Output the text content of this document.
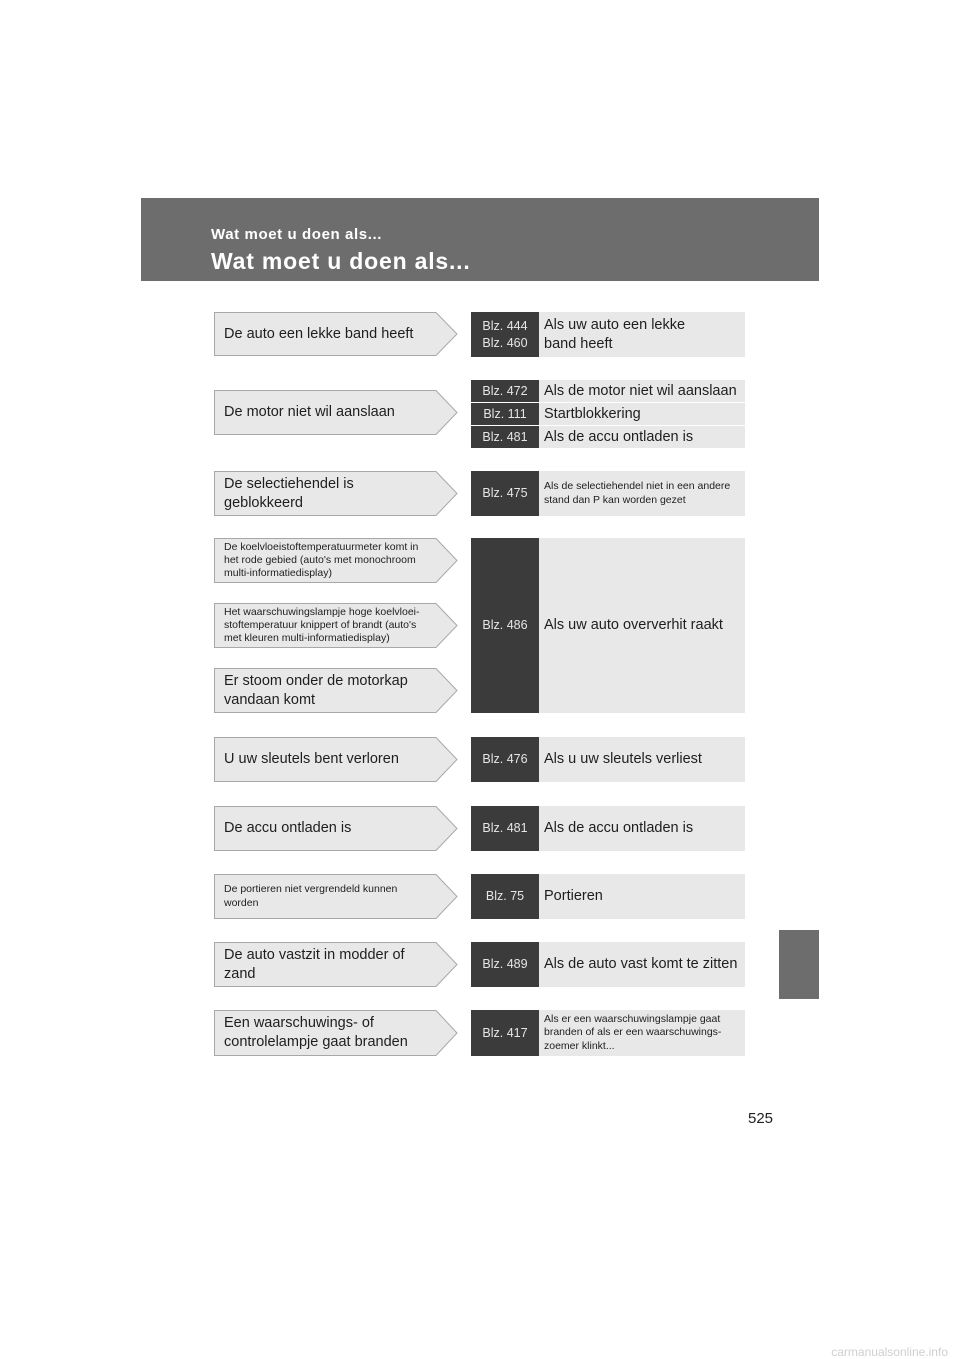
Wat moet u doen als...
Wat moet u doen als...
De auto een lekke band heeft
De motor niet wil aanslaan
De selectiehendel is geblokkeerd
De koelvloeistoftemperatuurmeter komt in het rode gebied (auto's met monochroom multi-informatiedisplay)
Het waarschuwingslampje hoge koelvloei-stoftemperatuur knippert of brandt (auto's met kleuren multi-informatiedisplay)
Er stoom onder de motorkap vandaan komt
U uw sleutels bent verloren
De accu ontladen is
De portieren niet vergrendeld kunnen worden
De auto vastzit in modder of zand
Een waarschuwings- of controlelampje gaat branden
Blz. 444
Blz. 460
Als uw auto een lekke band heeft
Blz. 472 Als de motor niet wil aanslaan
Blz. 111 Startblokkering
Blz. 481 Als de accu ontladen is
Blz. 475 Als de selectiehendel niet in een andere stand dan P kan worden gezet
Blz. 486 Als uw auto oververhit raakt
Blz. 476 Als u uw sleutels verliest
Blz. 481 Als de accu ontladen is
Blz. 75 Portieren
Blz. 489 Als de auto vast komt te zitten
Blz. 417
Als er een waarschuwingslampje gaat branden of als er een waarschuwings-zoemer klinkt...
525
carmanualsonline.info
